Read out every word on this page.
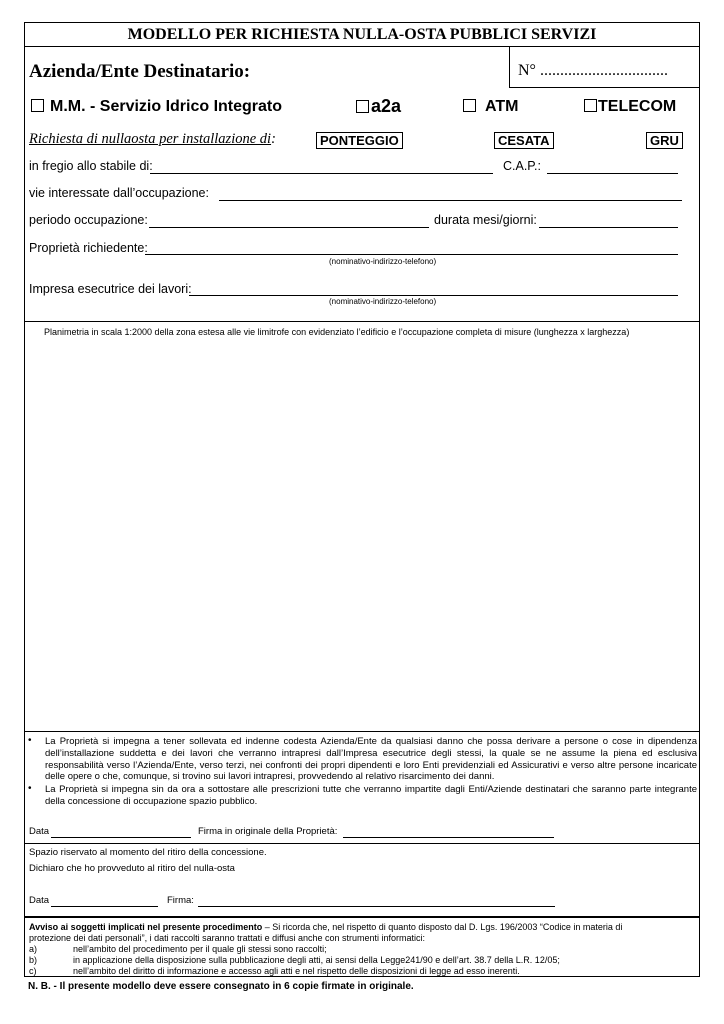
MODELLO PER RICHIESTA NULLA-OSTA PUBBLICI SERVIZI
Azienda/Ente Destinatario:	N° ................................
M.M. - Servizio Idrico Integrato	a2a	ATM	TELECOM
Richiesta di nullaosta per installazione di:	PONTEGGIO	CESATA	GRU
in fregio allo stabile di:	C.A.P.:
vie interessate dall’occupazione:
periodo occupazione:	durata mesi/giorni:
Proprietà richiedente:
(nominativo-indirizzo-telefono)
Impresa esecutrice dei lavori:
(nominativo-indirizzo-telefono)
Planimetria in scala 1:2000 della zona estesa alle vie limitrofe con evidenziato l’edificio e l’occupazione completa di misure (lunghezza x larghezza)
• La Proprietà si impegna a tener sollevata ed indenne codesta Azienda/Ente da qualsiasi danno che possa derivare a persone o cose in dipendenza dell’installazione suddetta e dei lavori che verranno intrapresi dall’Impresa esecutrice degli stessi, la quale se ne assume la piena ed esclusiva responsabilità verso l’Azienda/Ente, verso terzi, nei confronti dei propri dipendenti e loro Enti previdenziali ed Assicurativi e verso altre persone incaricate delle opere o che, comunque, si trovino sui lavori intrapresi, provvedendo al relativo risarcimento dei danni.
• La Proprietà si impegna sin da ora a sottostare alle prescrizioni tutte che verranno impartite dagli Enti/Aziende destinatari che saranno parte integrante della concessione di occupazione spazio pubblico.
Data	Firma in originale della Proprietà:
Spazio riservato al momento del ritiro della concessione.
Dichiaro che ho provveduto al ritiro del nulla-osta
Data	Firma:
Avviso ai soggetti implicati nel presente procedimento – Si ricorda che, nel rispetto di quanto disposto dal D. Lgs. 196/2003 “Codice in materia di
protezione dei dati personali”, i dati raccolti saranno trattati e diffusi anche con strumenti informatici:
a)	nell’ambito del procedimento per il quale gli stessi sono raccolti;
b)	in applicazione della disposizione sulla pubblicazione degli atti, ai sensi della Legge241/90 e dell’art. 38.7 della L.R. 12/05;
c)	nell’ambito del diritto di informazione e accesso agli atti e nel rispetto delle disposizioni di legge ad esso inerenti.
N. B. - Il presente modello deve essere consegnato in 6 copie firmate in originale.
